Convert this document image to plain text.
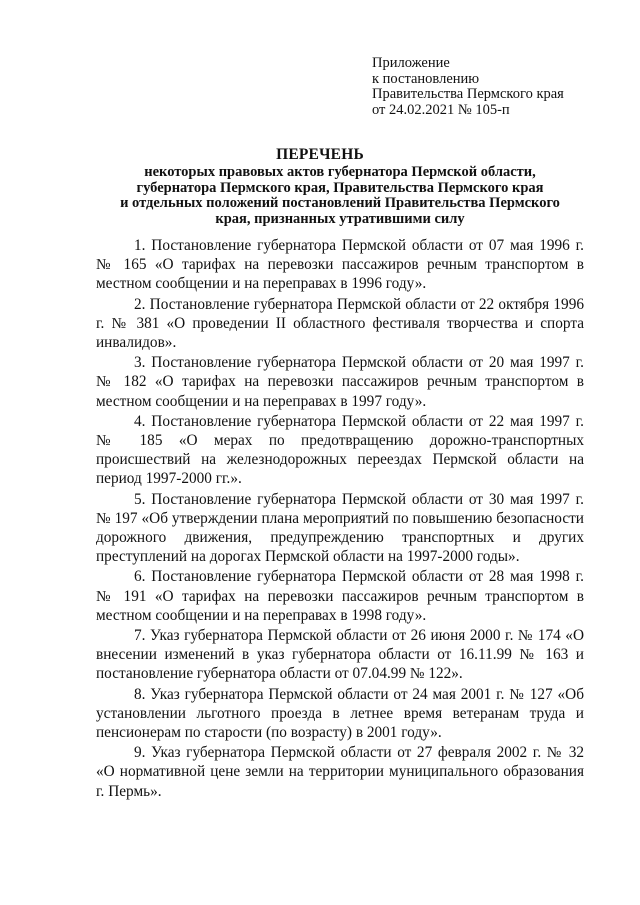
Приложение
к постановлению
Правительства Пермского края
от 24.02.2021 № 105-п
ПЕРЕЧЕНЬ
некоторых правовых актов губернатора Пермской области,
губернатора Пермского края, Правительства Пермского края
и отдельных положений постановлений Правительства Пермского
края, признанных утратившими силу

1. Постановление губернатора Пермской области от 07 мая 1996 г. № 165 «О тарифах на перевозки пассажиров речным транспортом в местном сообщении и на переправах в 1996 году».

2. Постановление губернатора Пермской области от 22 октября 1996 г. № 381 «О проведении II областного фестиваля творчества и спорта инвалидов».

3. Постановление губернатора Пермской области от 20 мая 1997 г. № 182 «О тарифах на перевозки пассажиров речным транспортом в местном сообщении и на переправах в 1997 году».

4. Постановление губернатора Пермской области от 22 мая 1997 г. № 185 «О мерах по предотвращению дорожно-транспортных происшествий на железнодорожных переездах Пермской области на период 1997-2000 гг.».

5. Постановление губернатора Пермской области от 30 мая 1997 г. № 197 «Об утверждении плана мероприятий по повышению безопасности дорожного движения, предупреждению транспортных и других преступлений на дорогах Пермской области на 1997-2000 годы».

6. Постановление губернатора Пермской области от 28 мая 1998 г. № 191 «О тарифах на перевозки пассажиров речным транспортом в местном сообщении и на переправах в 1998 году».

7. Указ губернатора Пермской области от 26 июня 2000 г. № 174 «О внесении изменений в указ губернатора области от 16.11.99 № 163 и постановление губернатора области от 07.04.99 № 122».

8. Указ губернатора Пермской области от 24 мая 2001 г. № 127 «Об установлении льготного проезда в летнее время ветеранам труда и пенсионерам по старости (по возрасту) в 2001 году».

9. Указ губернатора Пермской области от 27 февраля 2002 г. № 32 «О нормативной цене земли на территории муниципального образования г. Пермь».
